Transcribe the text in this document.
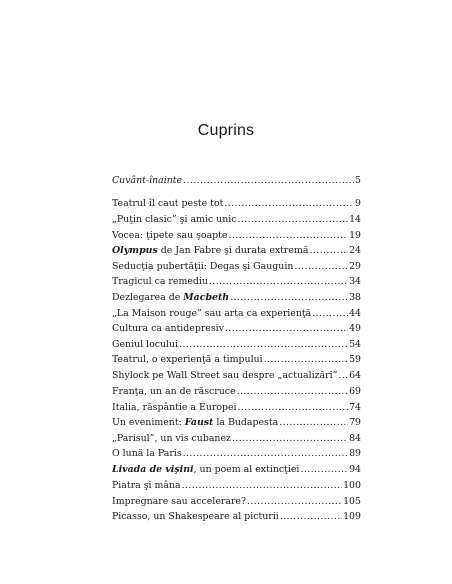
Cuprins
Cuvânt-înainte .....	5
Teatrul îl caut peste tot .....	9
„Puţin clasic” şi amic unic .....	14
Vocea: ţipete sau şoapte .....	19
Olympus de Jan Fabre şi durata extremă .....	24
Seducţia pubertăţii: Degas şi Gauguin .....	29
Tragicul ca remediu .....	34
Dezlegarea de Macbeth .....	38
„La Maison rouge” sau arta ca experienţă .....	44
Cultura ca antidepresiv .....	49
Geniul locului .....	54
Teatrul, o experienţă a timpului .....	59
Shylock pe Wall Street sau despre „actualizări” ..... 64
Franţa, un an de răscruce .....	69
Italia, răspântie a Europei .....	74
Un eveniment: Faust la Budapesta .....	79
„Parisul”, un vis cubanez .....	84
O lună la Paris .....	89
Livada de vişini, un poem al extincţiei .....	94
Piatra şi mâna .....	100
Impregnare sau accelerare? .....	105
Picasso, un Shakespeare al picturii .....	109
